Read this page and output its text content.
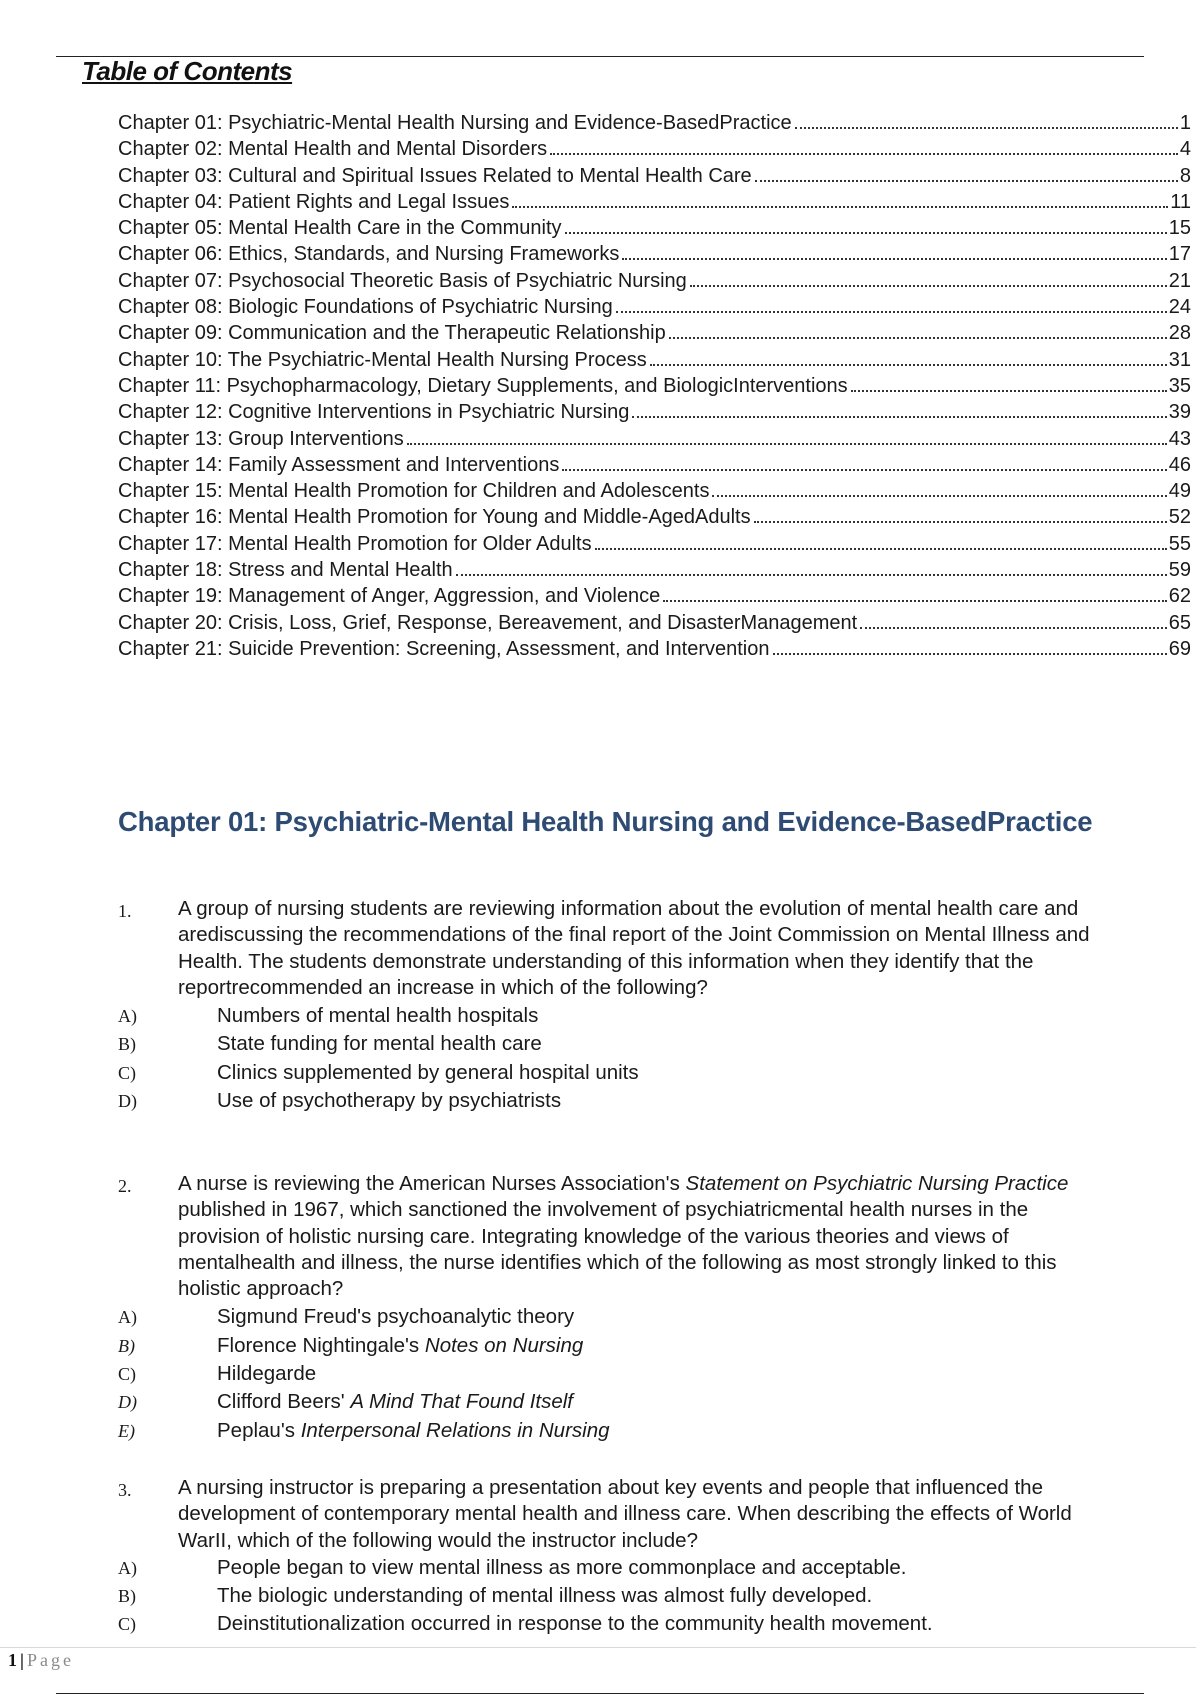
Table of Contents
Chapter 01: Psychiatric-Mental Health Nursing and Evidence-BasedPractice	1
Chapter 02: Mental Health and Mental Disorders	4
Chapter 03: Cultural and Spiritual Issues Related to Mental Health Care	8
Chapter 04: Patient Rights and Legal Issues	11
Chapter 05: Mental Health Care in the Community	15
Chapter 06: Ethics, Standards, and Nursing Frameworks	17
Chapter 07: Psychosocial Theoretic Basis of Psychiatric Nursing	21
Chapter 08: Biologic Foundations of Psychiatric Nursing	24
Chapter 09: Communication and the Therapeutic Relationship	28
Chapter 10: The Psychiatric-Mental Health Nursing Process	31
Chapter 11: Psychopharmacology, Dietary Supplements, and BiologicInterventions	35
Chapter 12: Cognitive Interventions in Psychiatric Nursing	39
Chapter 13: Group Interventions	43
Chapter 14: Family Assessment and Interventions	46
Chapter 15: Mental Health Promotion for Children and Adolescents	49
Chapter 16: Mental Health Promotion for Young and Middle-AgedAdults	52
Chapter 17: Mental Health Promotion for Older Adults	55
Chapter 18: Stress and Mental Health	59
Chapter 19: Management of Anger, Aggression, and Violence	62
Chapter 20: Crisis, Loss, Grief, Response, Bereavement, and DisasterManagement	65
Chapter 21: Suicide Prevention: Screening, Assessment, and Intervention	69
Chapter 01: Psychiatric-Mental Health Nursing and Evidence-BasedPractice
1.	A group of nursing students are reviewing information about the evolution of mental health care and arediscussing the recommendations of the final report of the Joint Commission on Mental Illness and Health. The students demonstrate understanding of this information when they identify that the reportrecommended an increase in which of the following?
A)	Numbers of mental health hospitals
B)	State funding for mental health care
C)	Clinics supplemented by general hospital units
D)	Use of psychotherapy by psychiatrists
2.	A nurse is reviewing the American Nurses Association's Statement on Psychiatric Nursing Practice published in 1967, which sanctioned the involvement of psychiatricmental health nurses in the provision of holistic nursing care. Integrating knowledge of the various theories and views of mentalhealth and illness, the nurse identifies which of the following as most strongly linked to this holistic approach?
A)	Sigmund Freud's psychoanalytic theory
B)	Florence Nightingale's Notes on Nursing
C)	Hildegarde
D)	Clifford Beers' A Mind That Found Itself
E)	Peplau's Interpersonal Relations in Nursing
3.	A nursing instructor is preparing a presentation about key events and people that influenced the development of contemporary mental health and illness care. When describing the effects of World WarII, which of the following would the instructor include?
A)	People began to view mental illness as more commonplace and acceptable.
B)	The biologic understanding of mental illness was almost fully developed.
C)	Deinstitutionalization occurred in response to the community health movement.
1 | Page
